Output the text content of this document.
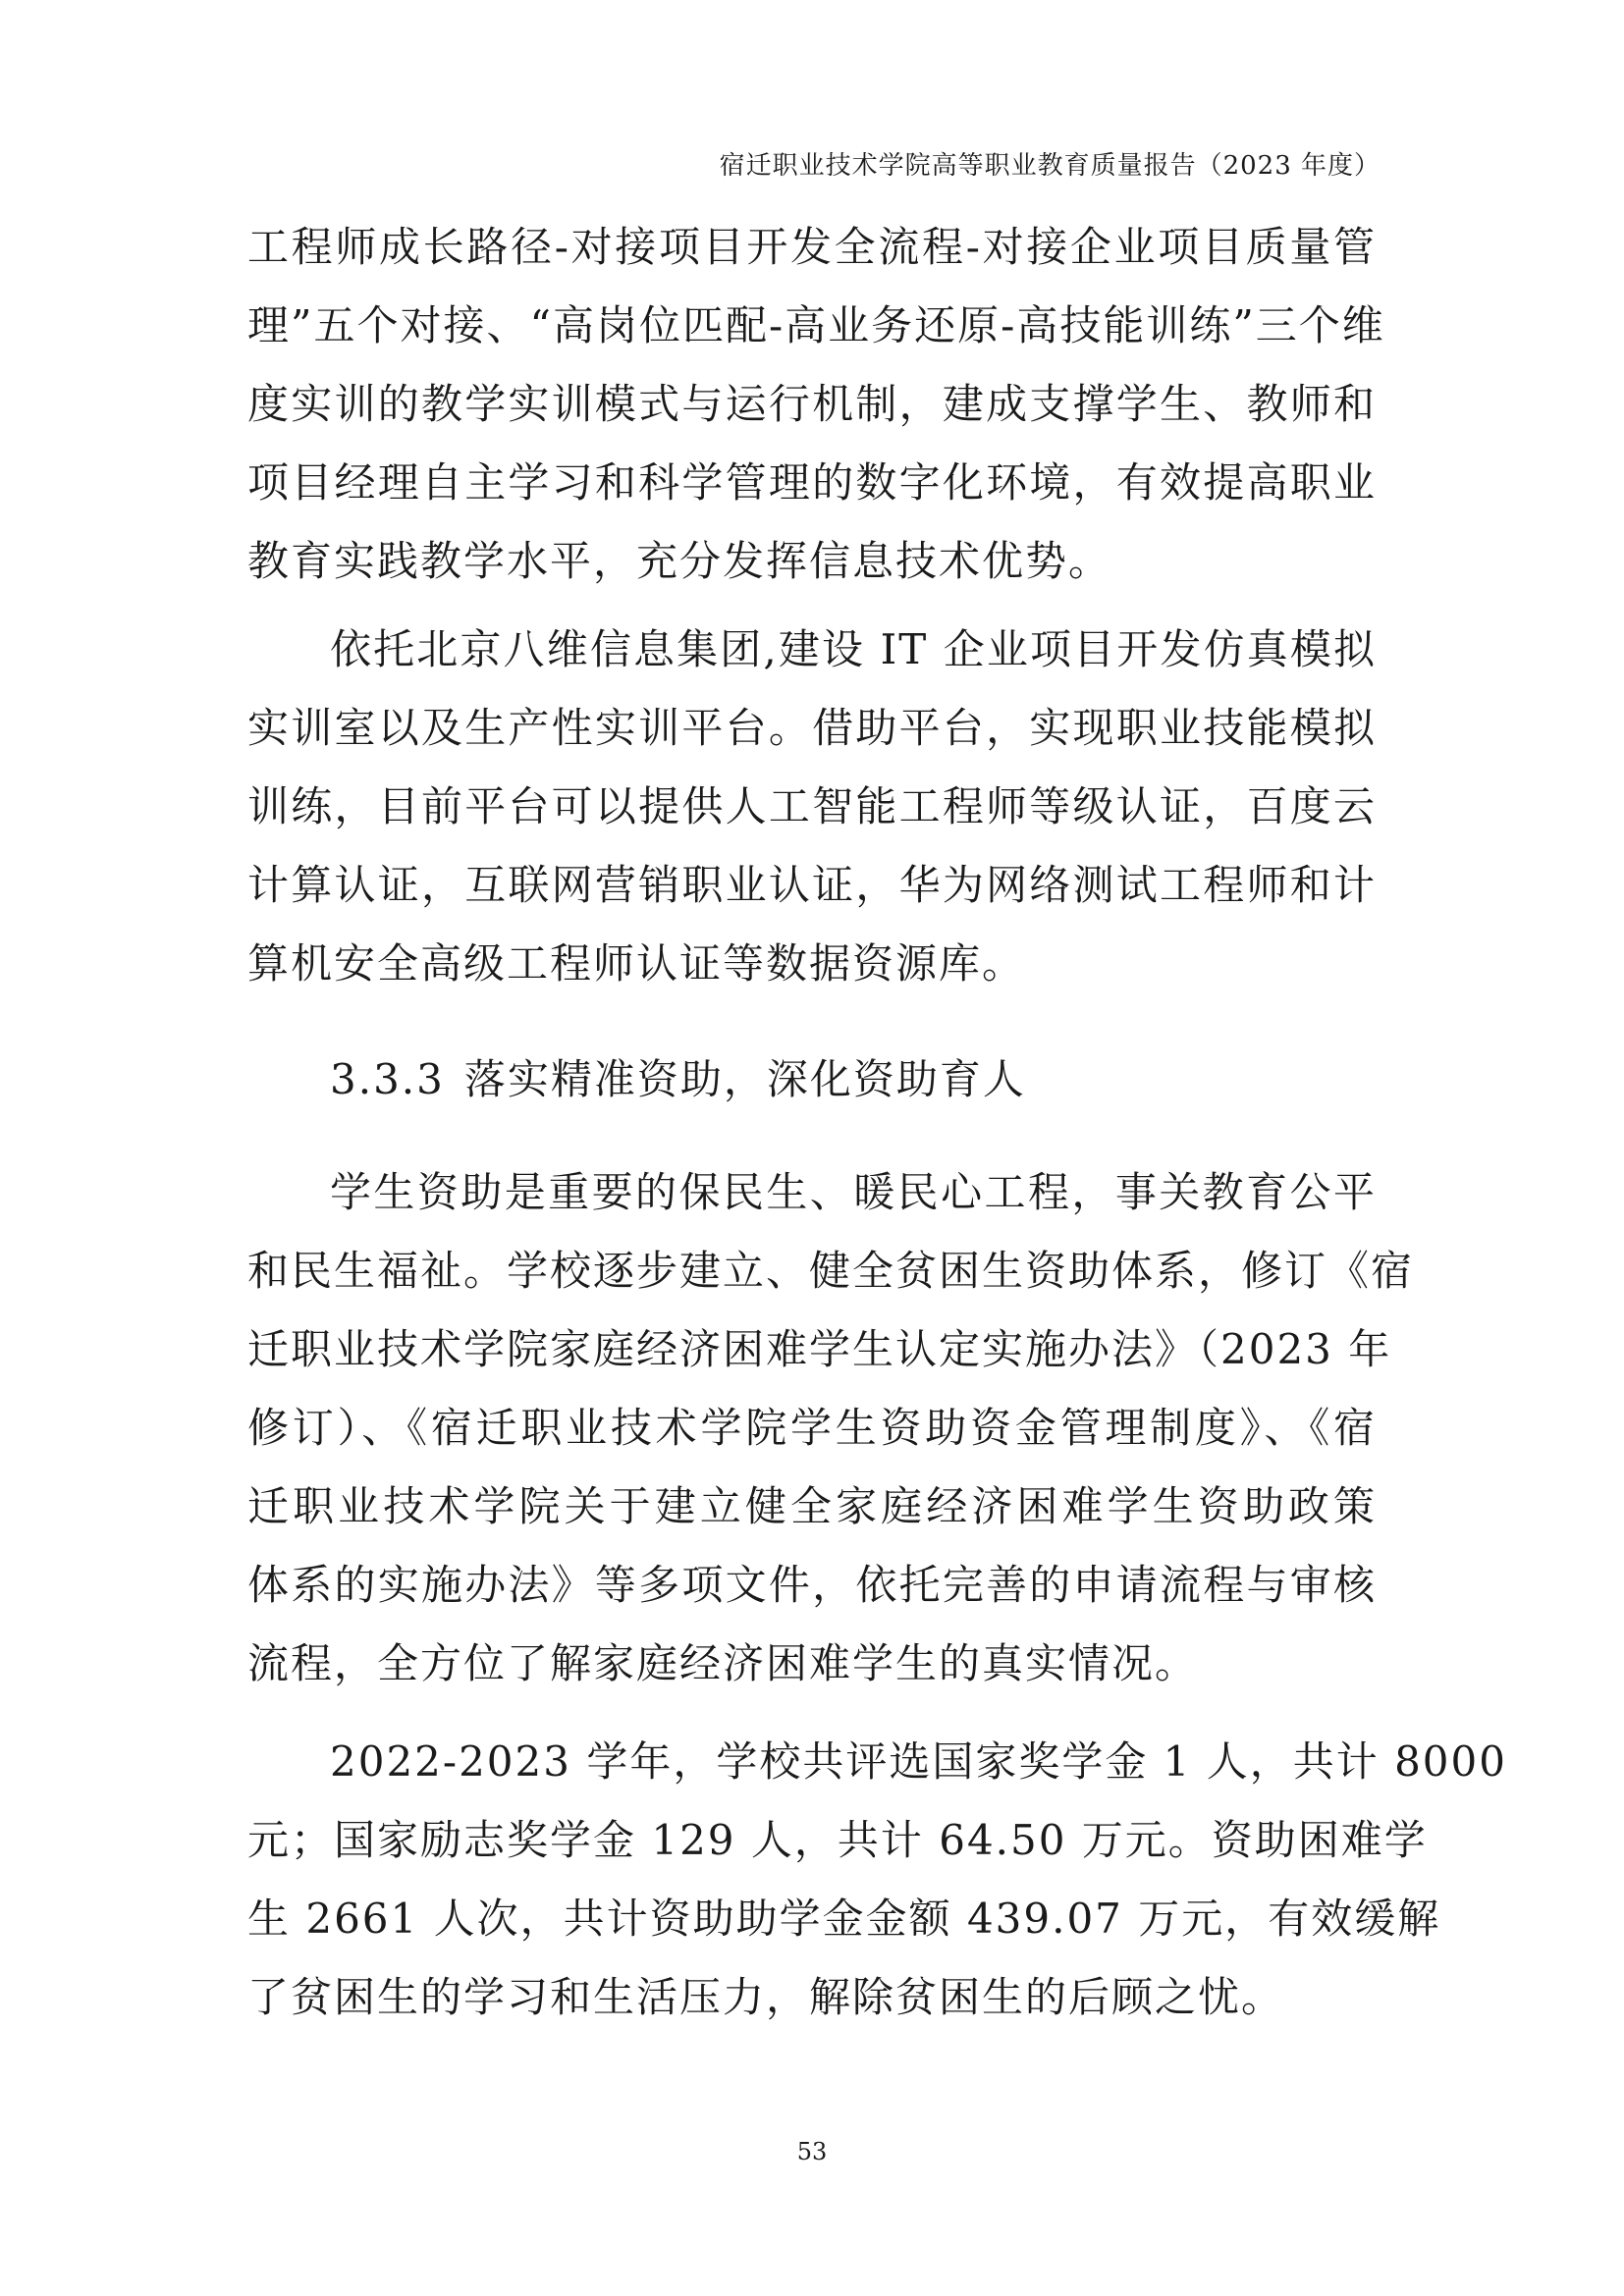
宿迁职业技术学院高等职业教育质量报告（2023 年度）
工程师成长路径-对接项目开发全流程-对接企业项目质量管
理”五个对接、“高岗位匹配-高业务还原-高技能训练”三个维
度实训的教学实训模式与运行机制，建成支撑学生、教师和
项目经理自主学习和科学管理的数字化环境，有效提高职业
教育实践教学水平，充分发挥信息技术优势。
依托北京八维信息集团,建设 IT 企业项目开发仿真模拟
实训室以及生产性实训平台。借助平台，实现职业技能模拟
训练，目前平台可以提供人工智能工程师等级认证，百度云
计算认证，互联网营销职业认证，华为网络测试工程师和计
算机安全高级工程师认证等数据资源库。
3.3.3 落实精准资助，深化资助育人
学生资助是重要的保民生、暖民心工程，事关教育公平
和民生福祉。学校逐步建立、健全贫困生资助体系，修订《宿
迁职业技术学院家庭经济困难学生认定实施办法》（2023 年
修订）、《宿迁职业技术学院学生资助资金管理制度》、《宿
迁职业技术学院关于建立健全家庭经济困难学生资助政策
体系的实施办法》等多项文件，依托完善的申请流程与审核
流程，全方位了解家庭经济困难学生的真实情况。
2022-2023 学年，学校共评选国家奖学金 1 人，共计 8000
元；国家励志奖学金 129 人，共计 64.50 万元。资助困难学
生 2661 人次，共计资助助学金金额 439.07 万元，有效缓解
了贫困生的学习和生活压力，解除贫困生的后顾之忧。
53
